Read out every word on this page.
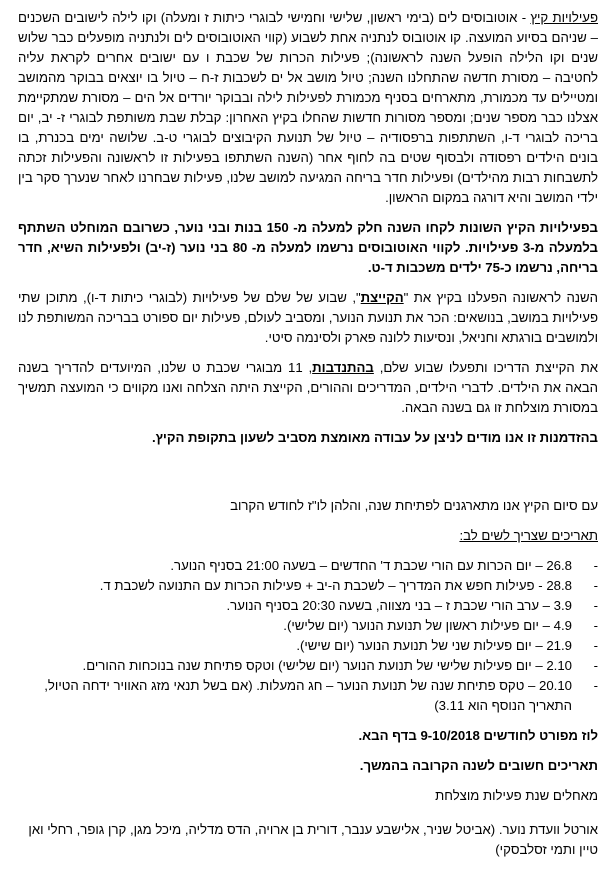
פעילויות קיץ - אוטובוסים לים (בימי ראשון, שלישי וחמישי לבוגרי כיתות ז ומעלה) וקו לילה לישובים השכנים – שניהם בסיוע המועצה. קו אוטובוס לנתניה אחת לשבוע (קווי האוטובוסים לים ולנתניה מופעלים כבר שלוש שנים וקו הלילה הופעל השנה לראשונה); פעילות הכרות של שכבת ו עם ישובים אחרים לקראת עליה לחטיבה – מסורת חדשה שהתחלנו השנה; טיול מושב אל ים לשכבות ז-ח – טיול בו יוצאים בבוקר מהמושב ומטיילים עד מכמורת, מתארחים בסניף מכמורת לפעילות לילה ובבוקר יורדים אל הים – מסורת שמתקיימת אצלנו כבר מספר שנים; ומספר מסורות חדשות שהחלו בקיץ האחרון: קבלת שבת משותפת לבוגרי ז- יב, יום בריכה לבוגרי ד-ו, השתתפות ברפסודיה – טיול של תנועת הקיבוצים לבוגרי ט-ב. שלושה ימים בכנרת, בו בונים הילדים רפסודה ולבסוף שטים בה לחוף אחר (השנה השתתפו בפעילות זו לראשונה והפעילות זכתה לתשבחות רבות מהילדים) ופעילות חדר בריחה המגיעה למושב שלנו, פעילות שבחרנו לאחר שנערך סקר בין ילדי המושב והיא דורגה במקום הראשון.

בפעילויות הקיץ השונות לקחו השנה חלק למעלה מ- 150 בנות ובני נוער, כשרובם המוחלט השתתף בלמעלה מ-3 פעילויות. לקווי האוטובוסים נרשמו למעלה מ- 80 בני נוער (ז-יב) ולפעילות השיא, חדר בריחה, נרשמו כ-75 ילדים משכבות ד-ט.

השנה לראשונה הפעלנו בקיץ את "הקייצת", שבוע של שלם של פעילויות (לבוגרי כיתות ד-ו), מתוכן שתי פעילויות במושב, בנושאים: הכר את תנועת הנוער, ומסביב לעולם, פעילות יום ספורט בבריכה המשותפת לנו ולמושבים בורגתא וחניאל, ונסיעות ללונה פארק ולסינמה סיטי.

את הקייצת הדריכו ותפעלו שבוע שלם, בהתנדבות, 11 מבוגרי שכבת ט שלנו, המיועדים להדריך בשנה הבאה את הילדים. לדברי הילדים, המדריכים וההורים, הקייצת היתה הצלחה ואנו מקווים כי המועצה תמשיך במסורת מוצלחת זו גם בשנה הבאה.

בהזדמנות זו אנו מודים לניצן על עבודה מאומצת מסביב לשעון בתקופת הקיץ.

עם סיום הקיץ אנו מתארגנים לפתיחת שנה, והלהן לו"ז לחודש הקרוב

תאריכים שצריך לשים לב:

- 26.8 – יום הכרות עם הורי שכבת ד' החדשים – בשעה 21:00 בסניף הנוער.
- 28.8 - פעילות חפש את המדריך – לשכבת ה-יב + פעילות הכרות עם התנועה לשכבת ד.
- 3.9 – ערב הורי שכבת ז – בני מצווה, בשעה 20:30 בסניף הנוער.
- 4.9 – יום פעילות ראשון של תנועת הנוער (יום שלישי).
- 21.9 – יום פעילות שני של תנועת הנוער (יום שישי).
- 2.10 – יום פעילות שלישי של תנועת הנוער (יום שלישי) וטקס פתיחת שנה בנוכחות ההורים.
- 20.10 – טקס פתיחת שנה של תנועת הנוער – חג המעלות. (אם בשל תנאי מזג האוויר ידחה הטיול, התאריך הנוסף הוא 3.11)

לוז מפורט לחודשים 9-10/2018 בדף הבא.

תאריכים חשובים לשנה הקרובה בהמשך.

מאחלים שנת פעילות מוצלחת

אורטל וועדת נוער. (אביטל שניר, אלישבע ענבר, דורית בן ארויה, הדס מדליה, מיכל מגן, קרן גופר, רחלי ואן טיין ותמי זסלבסקי)
